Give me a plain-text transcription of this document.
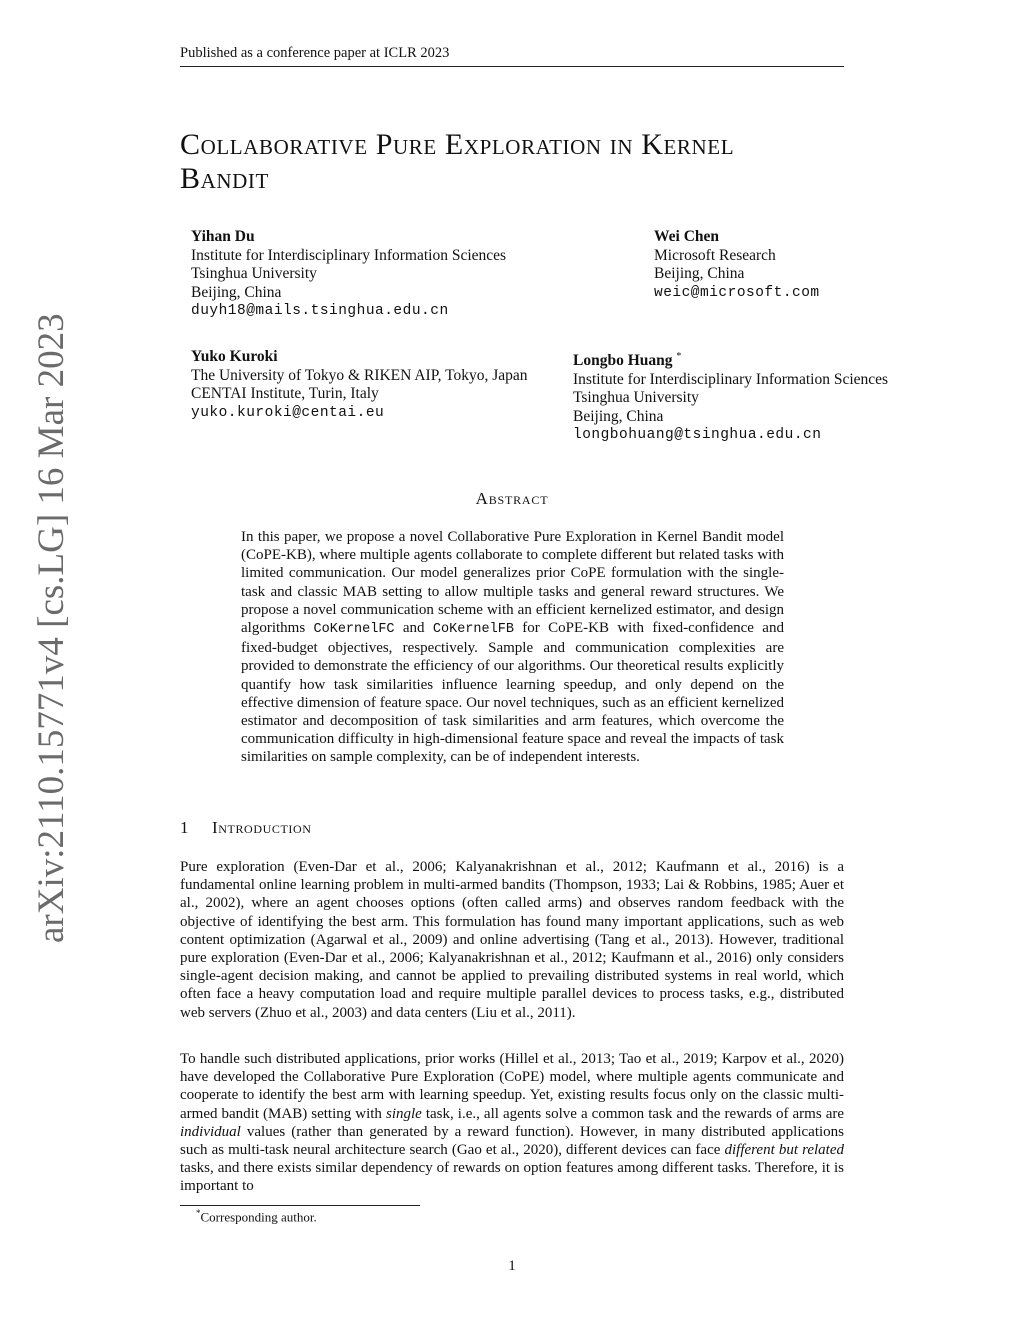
Published as a conference paper at ICLR 2023
arXiv:2110.15771v4 [cs.LG] 16 Mar 2023
Collaborative Pure Exploration in Kernel
Bandit
Yihan Du
Institute for Interdisciplinary Information Sciences
Tsinghua University
Beijing, China
duyh18@mails.tsinghua.edu.cn
Wei Chen
Microsoft Research
Beijing, China
weic@microsoft.com
Yuko Kuroki
The University of Tokyo & RIKEN AIP, Tokyo, Japan
CENTAI Institute, Turin, Italy
yuko.kuroki@centai.eu
Longbo Huang *
Institute for Interdisciplinary Information Sciences
Tsinghua University
Beijing, China
longbohuang@tsinghua.edu.cn
Abstract

In this paper, we propose a novel Collaborative Pure Exploration in Kernel Bandit model (CoPE-KB), where multiple agents collaborate to complete different but related tasks with limited communication. Our model generalizes prior CoPE formulation with the single-task and classic MAB setting to allow multiple tasks and general reward structures. We propose a novel communication scheme with an efficient kernelized estimator, and design algorithms CoKernelFC and CoKernelFB for CoPE-KB with fixed-confidence and fixed-budget objectives, respectively. Sample and communication complexities are provided to demonstrate the efficiency of our algorithms. Our theoretical results explicitly quantify how task similarities influence learning speedup, and only depend on the effective dimension of feature space. Our novel techniques, such as an efficient kernelized estimator and decomposition of task similarities and arm features, which overcome the communication difficulty in high-dimensional feature space and reveal the impacts of task similarities on sample complexity, can be of independent interests.

1 Introduction

Pure exploration (Even-Dar et al., 2006; Kalyanakrishnan et al., 2012; Kaufmann et al., 2016) is a fundamental online learning problem in multi-armed bandits (Thompson, 1933; Lai & Robbins, 1985; Auer et al., 2002), where an agent chooses options (often called arms) and observes random feedback with the objective of identifying the best arm. This formulation has found many important applications, such as web content optimization (Agarwal et al., 2009) and online advertising (Tang et al., 2013). However, traditional pure exploration (Even-Dar et al., 2006; Kalyanakrishnan et al., 2012; Kaufmann et al., 2016) only considers single-agent decision making, and cannot be applied to prevailing distributed systems in real world, which often face a heavy computation load and require multiple parallel devices to process tasks, e.g., distributed web servers (Zhuo et al., 2003) and data centers (Liu et al., 2011).

To handle such distributed applications, prior works (Hillel et al., 2013; Tao et al., 2019; Karpov et al., 2020) have developed the Collaborative Pure Exploration (CoPE) model, where multiple agents communicate and cooperate to identify the best arm with learning speedup. Yet, existing results focus only on the classic multi-armed bandit (MAB) setting with single task, i.e., all agents solve a common task and the rewards of arms are individual values (rather than generated by a reward function). However, in many distributed applications such as multi-task neural architecture search (Gao et al., 2020), different devices can face different but related tasks, and there exists similar dependency of rewards on option features among different tasks. Therefore, it is important to

*Corresponding author.
1
